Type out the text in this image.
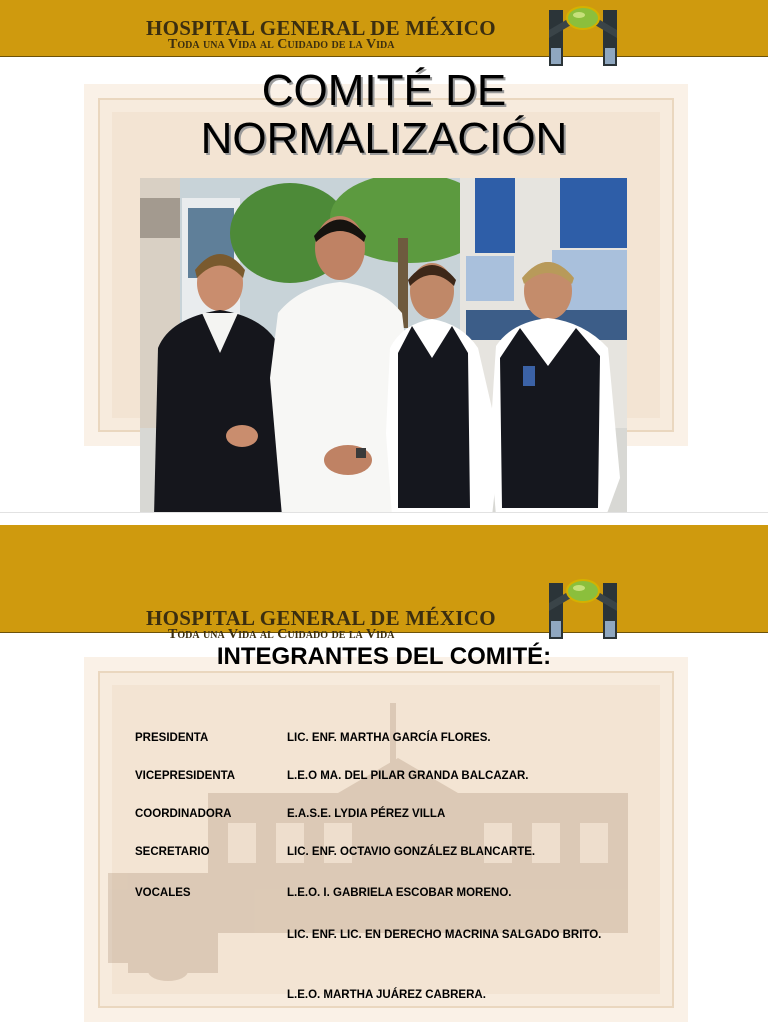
HOSPITAL GENERAL DE MÉXICO
Toda una Vida al Cuidado de la Vida
COMITÉ DE
NORMALIZACIÓN
HOSPITAL GENERAL DE MÉXICO
Toda una Vida al Cuidado de la Vida
INTEGRANTES DEL COMITÉ:
PRESIDENTA	LIC. ENF. MARTHA GARCÍA FLORES.
VICEPRESIDENTA	L.E.O MA. DEL PILAR GRANDA BALCAZAR.
COORDINADORA	E.A.S.E. LYDIA PÉREZ VILLA
SECRETARIO	LIC. ENF. OCTAVIO GONZÁLEZ BLANCARTE.
VOCALES	L.E.O. I. GABRIELA ESCOBAR MORENO.
LIC. ENF. LIC. EN DERECHO MACRINA SALGADO BRITO.
L.E.O. MARTHA JUÁREZ CABRERA.
